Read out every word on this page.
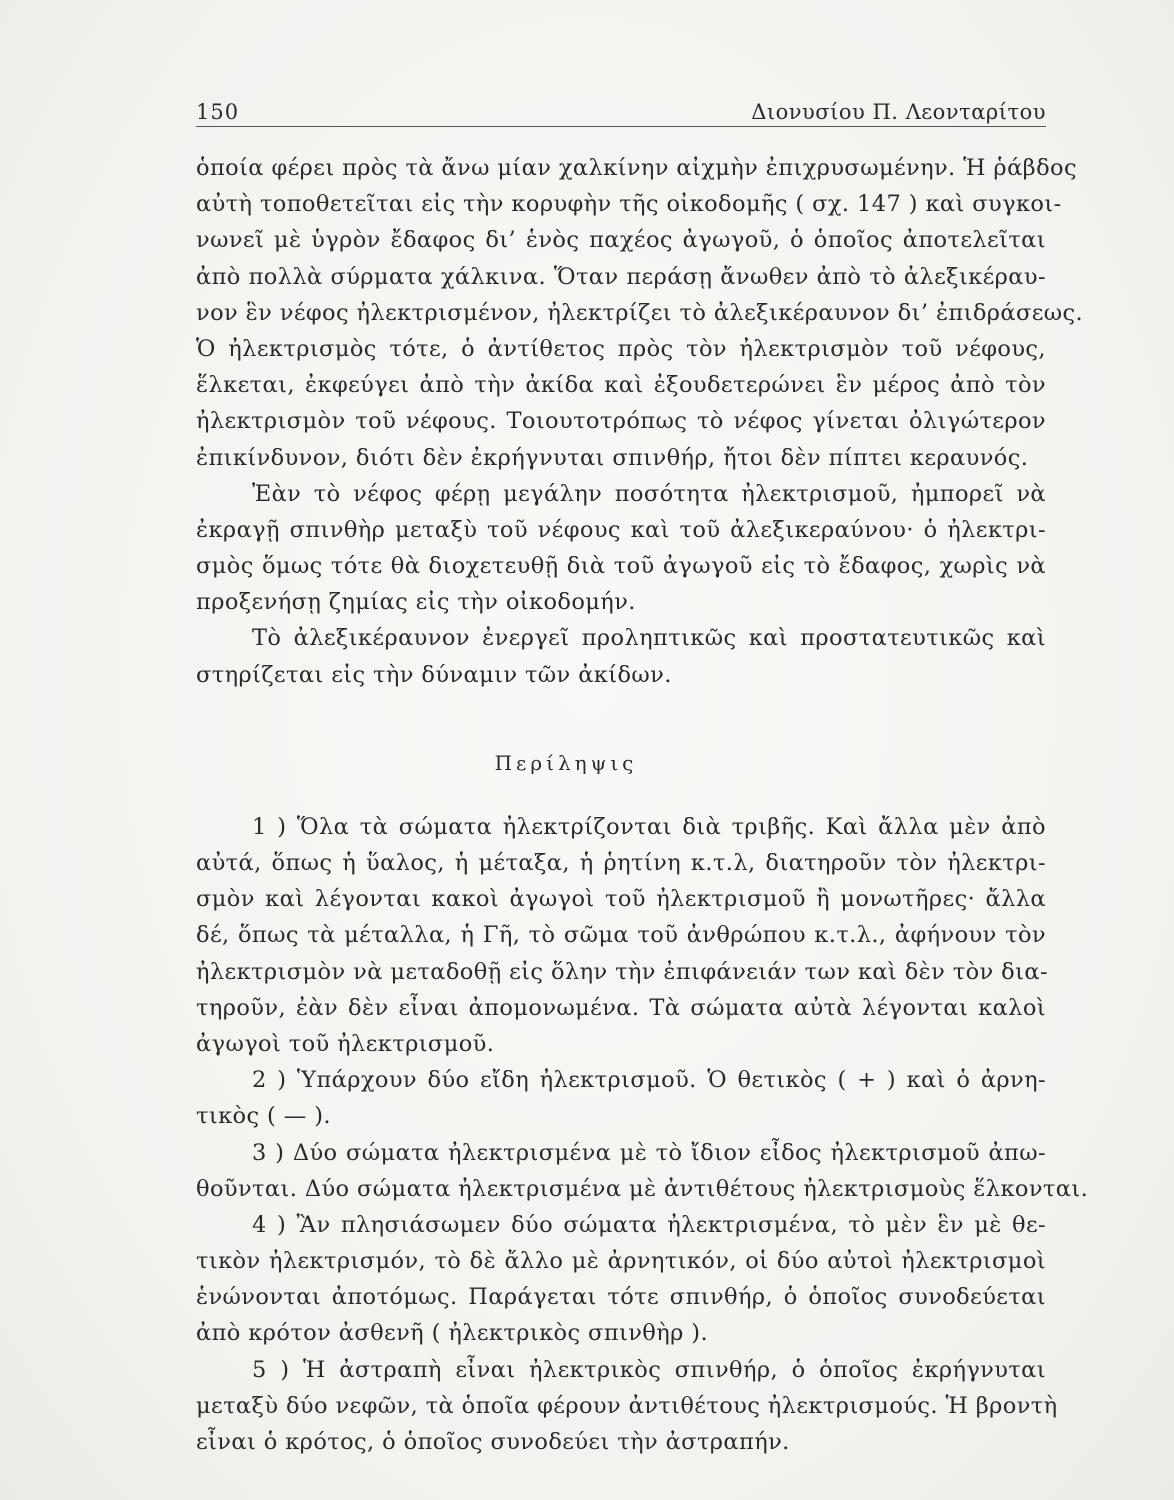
150	Διονυσίου Π. Λεονταρίτου
ὁποία φέρει πρὸς τὰ ἄνω μίαν χαλκίνην αἰχμὴν ἐπιχρυσωμένην. Ἡ ῥάβδος
αὐτὴ τοποθετεῖται εἰς τὴν κορυφὴν τῆς οἰκοδομῆς ( σχ. 147 ) καὶ συγκοι-
νωνεῖ μὲ ὑγρὸν ἔδαφος δι’ ἑνὸς παχέος ἀγωγοῦ, ὁ ὁποῖος ἀποτελεῖται
ἀπὸ πολλὰ σύρματα χάλκινα. Ὅταν περάσῃ ἄνωθεν ἀπὸ τὸ ἀλεξικέραυ-
νον ἓν νέφος ἠλεκτρισμένον, ἠλεκτρίζει τὸ ἀλεξικέραυνον δι’ ἐπιδράσεως.
Ὁ ἠλεκτρισμὸς τότε, ὁ ἀντίθετος πρὸς τὸν ἠλεκτρισμὸν τοῦ νέφους,
ἕλκεται, ἐκφεύγει ἀπὸ τὴν ἀκίδα καὶ ἐξουδετερώνει ἓν μέρος ἀπὸ τὸν
ἠλεκτρισμὸν τοῦ νέφους. Τοιουτοτρόπως τὸ νέφος γίνεται ὀλιγώτερον
ἐπικίνδυνον, διότι δὲν ἐκρήγνυται σπινθήρ, ἤτοι δὲν πίπτει κεραυνός.
Ἐὰν τὸ νέφος φέρῃ μεγάλην ποσότητα ἠλεκτρισμοῦ, ἠμπορεῖ νὰ
ἐκραγῇ σπινθὴρ μεταξὺ τοῦ νέφους καὶ τοῦ ἀλεξικεραύνου· ὁ ἠλεκτρι-
σμὸς ὅμως τότε θὰ διοχετευθῇ διὰ τοῦ ἀγωγοῦ εἰς τὸ ἔδαφος, χωρὶς νὰ
προξενήσῃ ζημίας εἰς τὴν οἰκοδομήν.
Τὸ ἀλεξικέραυνον ἐνεργεῖ προληπτικῶς καὶ προστατευτικῶς καὶ
στηρίζεται εἰς τὴν δύναμιν τῶν ἀκίδων.
Περίληψις
1 ) Ὅλα τὰ σώματα ἠλεκτρίζονται διὰ τριβῆς. Καὶ ἄλλα μὲν ἀπὸ
αὐτά, ὅπως ἡ ὕαλος, ἡ μέταξα, ἡ ῥητίνη κ.τ.λ, διατηροῦν τὸν ἠλεκτρι-
σμὸν καὶ λέγονται κακοὶ ἀγωγοὶ τοῦ ἠλεκτρισμοῦ ἢ μονωτῆρες· ἄλλα
δέ, ὅπως τὰ μέταλλα, ἡ Γῆ, τὸ σῶμα τοῦ ἀνθρώπου κ.τ.λ., ἀφήνουν τὸν
ἠλεκτρισμὸν νὰ μεταδοθῇ εἰς ὅλην τὴν ἐπιφάνειάν των καὶ δὲν τὸν δια-
τηροῦν, ἐὰν δὲν εἶναι ἀπομονωμένα. Τὰ σώματα αὐτὰ λέγονται καλοὶ
ἀγωγοὶ τοῦ ἠλεκτρισμοῦ.
2 ) Ὑπάρχουν δύο εἴδη ἠλεκτρισμοῦ. Ὁ θετικὸς ( + ) καὶ ὁ ἀρνη-
τικὸς ( — ).
3 ) Δύο σώματα ἠλεκτρισμένα μὲ τὸ ἴδιον εἶδος ἠλεκτρισμοῦ ἀπω-
θοῦνται. Δύο σώματα ἠλεκτρισμένα μὲ ἀντιθέτους ἠλεκτρισμοὺς ἕλκονται.
4 ) Ἂν πλησιάσωμεν δύο σώματα ἠλεκτρισμένα, τὸ μὲν ἓν μὲ θε-
τικὸν ἠλεκτρισμόν, τὸ δὲ ἄλλο μὲ ἀρνητικόν, οἱ δύο αὐτοὶ ἠλεκτρισμοὶ
ἑνώνονται ἀποτόμως. Παράγεται τότε σπινθήρ, ὁ ὁποῖος συνοδεύεται
ἀπὸ κρότον ἀσθενῆ ( ἠλεκτρικὸς σπινθὴρ ).
5 ) Ἡ ἀστραπὴ εἶναι ἠλεκτρικὸς σπινθήρ, ὁ ὁποῖος ἐκρήγνυται
μεταξὺ δύο νεφῶν, τὰ ὁποῖα φέρουν ἀντιθέτους ἠλεκτρισμούς. Ἡ βροντὴ
εἶναι ὁ κρότος, ὁ ὁποῖος συνοδεύει τὴν ἀστραπήν.
